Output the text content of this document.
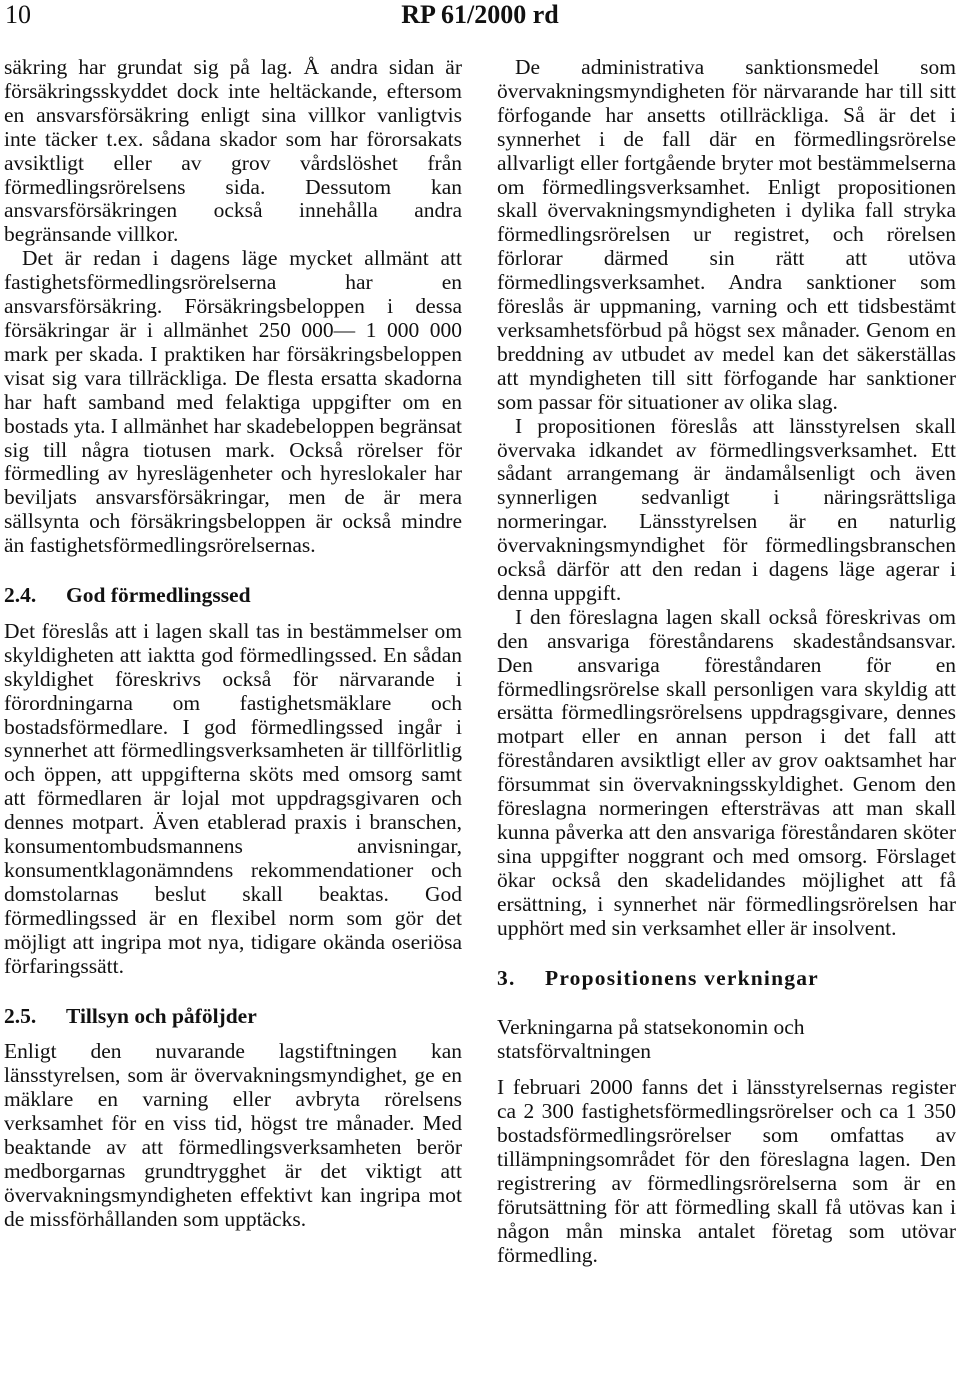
10	RP 61/2000 rd

säkring har grundat sig på lag. Å andra sidan är försäkringsskyddet dock inte heltäckande, eftersom en ansvarsförsäkring enligt sina villkor vanligtvis inte täcker t.ex. sådana skador som har förorsakats avsiktligt eller av grov vårdslöshet från förmedlingsrörelsens sida. Dessutom kan ansvarsförsäkringen också innehålla andra begränsande villkor.

Det är redan i dagens läge mycket allmänt att fastighetsförmedlingsrörelserna har en ansvarsförsäkring. Försäkringsbeloppen i dessa försäkringar är i allmänhet 250 000— 1 000 000 mark per skada. I praktiken har försäkringsbeloppen visat sig vara tillräckliga. De flesta ersatta skadorna har haft samband med felaktiga uppgifter om en bostads yta. I allmänhet har skadebeloppen begränsat sig till några tiotusen mark. Också rörelser för förmedling av hyreslägenheter och hyreslokaler har beviljats ansvarsförsäkringar, men de är mera sällsynta och försäkringsbeloppen är också mindre än fastighetsförmedlingsrörelsernas.

2.4. God förmedlingssed

Det föreslås att i lagen skall tas in bestämmelser om skyldigheten att iaktta god förmedlingssed. En sådan skyldighet föreskrivs också för närvarande i förordningarna om fastighetsmäklare och bostadsförmedlare. I god förmedlingssed ingår i synnerhet att förmedlingsverksamheten är tillförlitlig och öppen, att uppgifterna sköts med omsorg samt att förmedlaren är lojal mot uppdragsgivaren och dennes motpart. Även etablerad praxis i branschen, konsumentombudsmannens anvisningar, konsumentklagonämndens rekommendationer och domstolarnas beslut skall beaktas. God förmedlingssed är en flexibel norm som gör det möjligt att ingripa mot nya, tidigare okända oseriösa förfaringssätt.

2.5. Tillsyn och påföljder

Enligt den nuvarande lagstiftningen kan länsstyrelsen, som är övervakningsmyndighet, ge en mäklare en varning eller avbryta rörelsens verksamhet för en viss tid, högst tre månader. Med beaktande av att förmedlingsverksamheten berör medborgarnas grundtrygghet är det viktigt att övervakningsmyndigheten effektivt kan ingripa mot de missförhållanden som upptäcks.

De administrativa sanktionsmedel som övervakningsmyndigheten för närvarande har till sitt förfogande har ansetts otillräckliga. Så är det i synnerhet i de fall där en förmedlingsrörelse allvarligt eller fortgående bryter mot bestämmelserna om förmedlingsverksamhet. Enligt propositionen skall övervakningsmyndigheten i dylika fall stryka förmedlingsrörelsen ur registret, och rörelsen förlorar därmed sin rätt att utöva förmedlingsverksamhet. Andra sanktioner som föreslås är uppmaning, varning och ett tidsbestämt verksamhetsförbud på högst sex månader. Genom en breddning av utbudet av medel kan det säkerställas att myndigheten till sitt förfogande har sanktioner som passar för situationer av olika slag.

I propositionen föreslås att länsstyrelsen skall övervaka idkandet av förmedlingsverksamhet. Ett sådant arrangemang är ändamålsenligt och även synnerligen sedvanligt i näringsrättsliga normeringar. Länsstyrelsen är en naturlig övervakningsmyndighet för förmedlingsbranschen också därför att den redan i dagens läge agerar i denna uppgift.

I den föreslagna lagen skall också föreskrivas om den ansvariga föreståndarens skadeståndsansvar. Den ansvariga föreståndaren för en förmedlingsrörelse skall personligen vara skyldig att ersätta förmedlingsrörelsens uppdragsgivare, dennes motpart eller en annan person i det fall att föreståndaren avsiktligt eller av grov oaktsamhet har försummat sin övervakningsskyldighet. Genom den föreslagna normeringen eftersträvas att man skall kunna påverka att den ansvariga föreståndaren sköter sina uppgifter noggrant och med omsorg. Förslaget ökar också den skadelidandes möjlighet att få ersättning, i synnerhet när förmedlingsrörelsen har upphört med sin verksamhet eller är insolvent.

3. Propositionens verkningar

Verkningarna på statsekonomin och statsförvaltningen

I februari 2000 fanns det i länsstyrelsernas register ca 2 300 fastighetsförmedlingsrörelser och ca 1 350 bostadsförmedlingsrörelser som omfattas av tillämpningsområdet för den föreslagna lagen. Den registrering av förmedlingsrörelserna som är en förutsättning för att förmedling skall få utövas kan i någon mån minska antalet företag som utövar förmedling.
